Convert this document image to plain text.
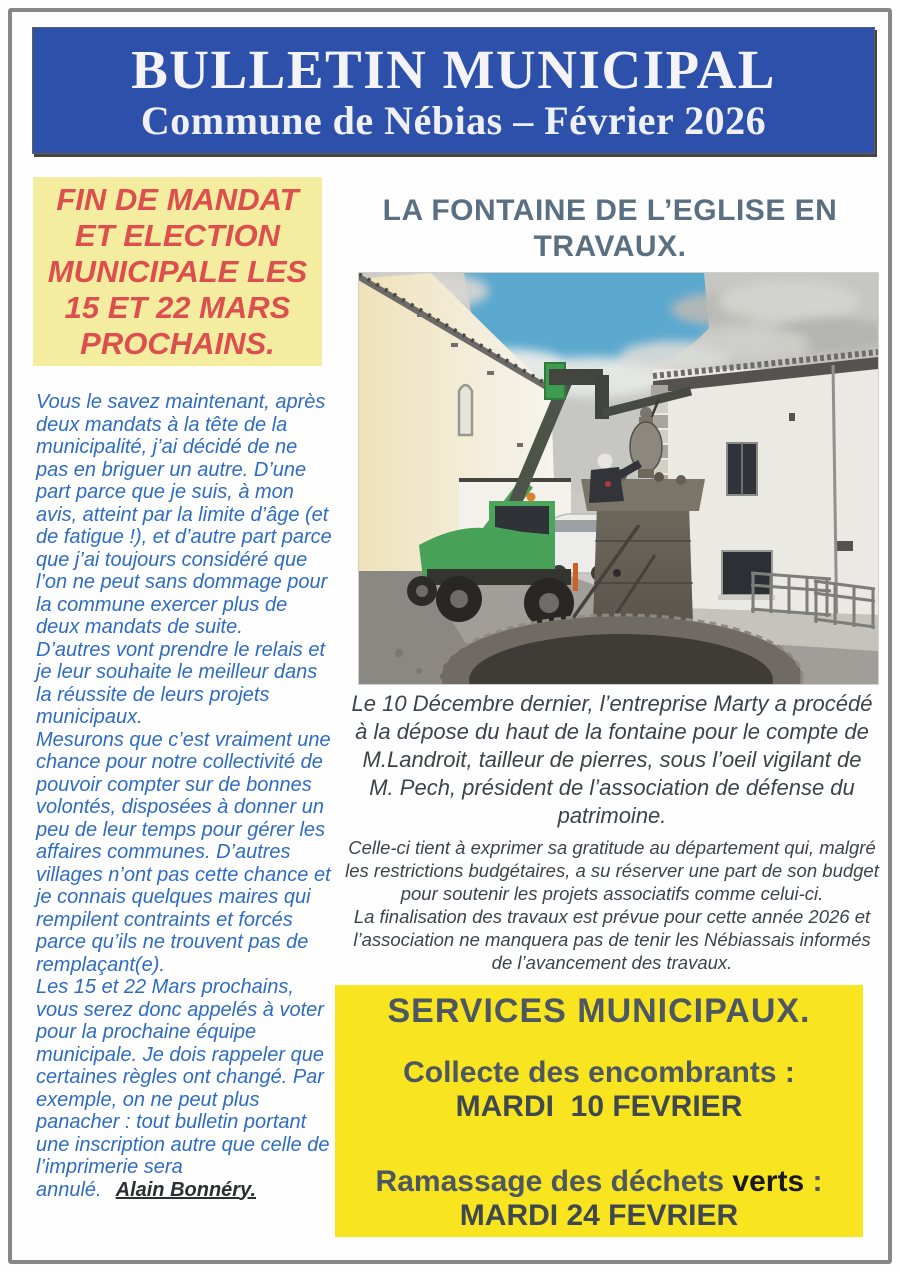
BULLETIN MUNICIPAL
Commune de Nébias – Février 2026
FIN DE MANDAT ET ELECTION MUNICIPALE LES 15 ET 22 MARS PROCHAINS.

Vous le savez maintenant, après deux mandats à la tête de la municipalité, j’ai décidé de ne pas en briguer un autre. D’une part parce que je suis, à mon avis, atteint par la limite d’âge (et de fatigue !), et d’autre part parce que j’ai toujours considéré que l’on ne peut sans dommage pour la commune exercer plus de deux mandats de suite.

D’autres vont prendre le relais et je leur souhaite le meilleur dans la réussite de leurs projets municipaux.

Mesurons que c’est vraiment une chance pour notre collectivité de pouvoir compter sur de bonnes volontés, disposées à donner un peu de leur temps pour gérer les affaires communes. D’autres villages n’ont pas cette chance et je connais quelques maires qui rempilent contraints et forcés parce qu’ils ne trouvent pas de remplaçant(e).

Les 15 et 22 Mars prochains, vous serez donc appelés à voter pour la prochaine équipe municipale. Je dois rappeler que certaines règles ont changé. Par exemple, on ne peut plus panacher : tout bulletin portant une inscription autre que celle de l’imprimerie sera annulé. Alain Bonnéry.

LA FONTAINE DE L’EGLISE EN TRAVAUX.
Le 10 Décembre dernier, l’entreprise Marty a procédé à la dépose du haut de la fontaine pour le compte de M.Landroit, tailleur de pierres, sous l’oeil vigilant de M. Pech, président de l’association de défense du patrimoine.

Celle-ci tient à exprimer sa gratitude au département qui, malgré les restrictions budgétaires, a su réserver une part de son budget pour soutenir les projets associatifs comme celui-ci.

La finalisation des travaux est prévue pour cette année 2026 et l’association ne manquera pas de tenir les Nébiassais informés de l’avancement des travaux.

SERVICES MUNICIPAUX.
Collecte des encombrants :
MARDI  10 FEVRIER
Ramassage des déchets verts :
MARDI 24 FEVRIER
